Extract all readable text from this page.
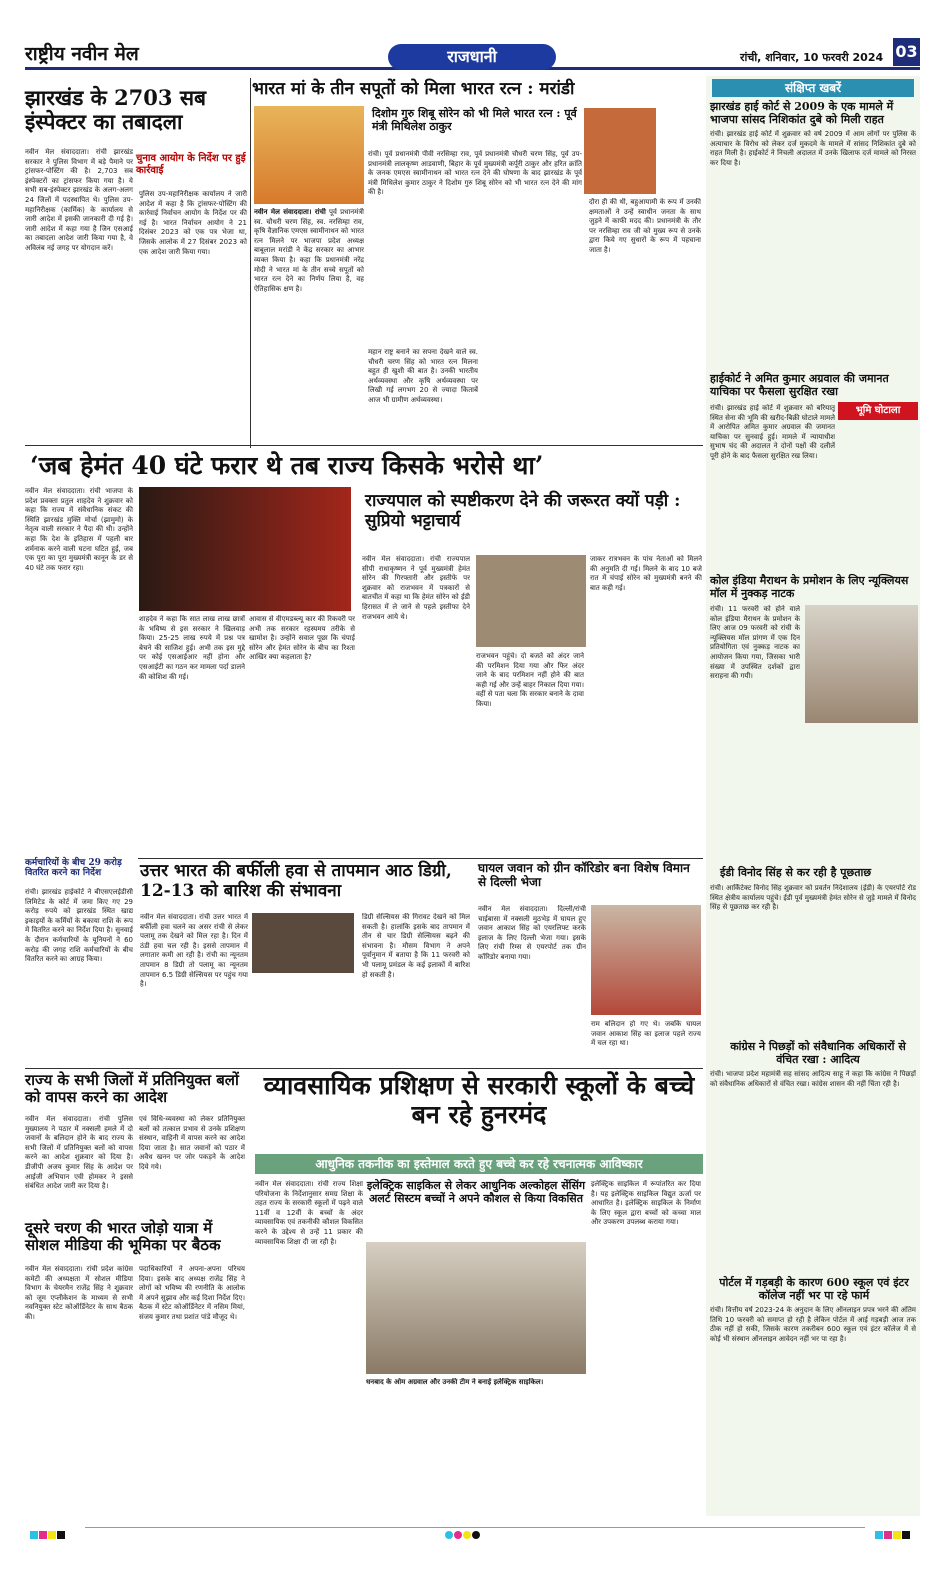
राष्ट्रीय नवीन मेल	राजधानी	रांची, शनिवार, 10 फरवरी 2024 03
झारखंड के 2703 सब इंस्पेक्टर का तबादला
चुनाव आयोग के निर्देश पर हुई कार्रवाई
नवीन मेल संवाददाता। रांची झारखंड सरकार ने पुलिस विभाग में बड़े पैमाने पर ट्रांसफर-पोस्टिंग की है। 2,703 सब इंस्पेक्टरों का ट्रांसफर किया गया है। ये सभी सब-इंस्पेक्टर झारखंड के अलग-अलग 24 जिलों में पदस्थापित थे। पुलिस उप-महानिरीक्षक (कार्मिक) के कार्यालय से जारी आदेश में इसकी जानकारी दी गई है। जारी आदेश में कहा गया है जिन एसआई का तबादला आदेश जारी किया गया है, वे अविलंब नई जगह पर योगदान करें।
पुलिस उप-महानिरीक्षक कार्यालय ने जारी आदेश में कहा है कि ट्रांसफर-पोस्टिंग की कार्रवाई निर्वाचन आयोग के निर्देश पर की गई है। भारत निर्वाचन आयोग ने 21 दिसंबर 2023 को एक पत्र भेजा था, जिसके आलोक में 27 दिसंबर 2023 को एक आदेश जारी किया गया।
भारत मां के तीन सपूतों को मिला भारत रत्न : मरांडी
नवीन मेल संवाददाता। रांची पूर्व प्रधानमंत्री स्व. चौधरी चरण सिंह, स्व. नरसिम्हा राव, कृषि वैज्ञानिक एमएस स्वामीनाथन को भारत रत्न मिलने पर भाजपा प्रदेश अध्यक्ष बाबूलाल मरांडी ने केंद्र सरकार का आभार व्यक्त किया है। कहा कि प्रधानमंत्री नरेंद्र मोदी ने भारत मां के तीन सच्चे सपूतों को भारत रत्न देने का निर्णय लिया है, वह ऐतिहासिक क्षण है।
महान राष्ट्र बनाने का सपना देखने वाले स्व. चौधरी चरण सिंह को भारत रत्न मिलना बहुत ही खुशी की बात है। उनकी भारतीय अर्थव्यवस्था और कृषि अर्थव्यवस्था पर लिखी गई लगभग 20 से ज्यादा किताबें आज भी ग्रामीण अर्थव्यवस्था।
दिशोम गुरु शिबू सोरेन को भी मिले भारत रत्न : पूर्व मंत्री मिथिलेश ठाकुर
रांची। पूर्व प्रधानमंत्री पीवी नरसिम्हा राव, पूर्व प्रधानमंत्री चौधरी चरण सिंह, पूर्व उप-प्रधानमंत्री लालकृष्ण आडवाणी, बिहार के पूर्व मुख्यमंत्री कर्पूरी ठाकुर और हरित क्रांति के जनक एमएस स्वामीनाथन को भारत रत्न देने की घोषणा के बाद झारखंड के पूर्व मंत्री मिथिलेश कुमार ठाकुर ने दिशोम गुरु शिबू सोरेन को भी भारत रत्न देने की मांग की है।
दौरा ही की थी, बहुआयामी के रूप में उनकी क्षमताओं ने उन्हें स्वाधीन जनता के साथ जुड़ने में काफी मदद की। प्रधानमंत्री के तौर पर नरसिम्हा राव जी को मुख्य रूप से उनके द्वारा किये गए सुधारों के रूप में पहचाना जाता है।
‘जब हेमंत 40 घंटे फरार थे तब राज्य किसके भरोसे था’
नवीन मेल संवाददाता। रांची भाजपा के प्रदेश प्रवक्ता प्रतुल शाहदेव ने शुक्रवार को कहा कि राज्य में संवैधानिक संकट की स्थिति झारखंड मुक्ति मोर्चा (झामुमो) के नेतृत्व वाली सरकार ने पैदा की थी। उन्होंने कहा कि देश के इतिहास में पहली बार शर्मनाक करने वाली घटना घटित हुई, जब एक पूरा का पूरा मुख्यमंत्री कानून के डर से 40 घंटे तक फरार रहा।
शाहदेव ने कहा कि सात लाख लाख छात्रों के भविष्य से इस सरकार ने खिलवाड़ किया। 25-25 लाख रुपये में प्रश्न पत्र बेचने की साजिश हुई। अभी तक इस मुद्दे पर कोई एसआईआर नहीं होना और एसआईटी का गठन कर मामला पर्दा डालने की कोशिश की गई।
आवास से वीएमडब्ल्यू कार की रिकवरी पर अभी तक सरकार रहस्यमय तरीके से खामोश है। उन्होंने सवाल पूछा कि चंपाई सोरेन और हेमंत सोरेन के बीच का रिश्ता आखिर क्या कहलाता है?
राज्यपाल को स्पष्टीकरण देने की जरूरत क्यों पड़ी : सुप्रियो भट्टाचार्य
नवीन मेल संवाददाता। रांची राज्यपाल सीपी राधाकृष्णन ने पूर्व मुख्यमंत्री हेमंत सोरेन की गिरफ्तारी और इस्तीफे पर शुक्रवार को राजभवन में पत्रकारों से बातचीत में कहा था कि हेमंत सोरेन को ईडी हिरासत में ले जाने से पहले इस्तीफा देने राजभवन आये थे।
राजभवन पहुंचे। दो बजते को अंदर जाने की परमिशन दिया गया और फिर अंदर जाने के बाद परमिशन नहीं होने की बात कही गई और उन्हें बाहर निकाल दिया गया। वहीं से पता चला कि सरकार बनाने के दावा किया।
जाकर रात्रभवन के पांच नेताओं को मिलने की अनुमति दी गई। मिलने के बाद 10 बजे रात में चंपाई सोरेन को मुख्यमंत्री बनने की बात कही गई।
उत्तर भारत की बर्फीली हवा से तापमान आठ डिग्री, 12-13 को बारिश की संभावना
नवीन मेल संवाददाता। रांची उत्तर भारत में बर्फीली हवा चलने का असर रांची से लेकर पलामू तक देखने को मिल रहा है। दिन में ठंडी हवा चल रही है। इससे तापमान में लगातार कमी आ रही है। रांची का न्यूनतम तापमान 8 डिग्री तो पलामू का न्यूनतम तापमान 6.5 डिग्री सेल्सियस पर पहुंच गया है।
डिग्री सेल्सियस की गिरावट देखने को मिल सकती है। हालांकि इसके बाद तापमान में तीन से चार डिग्री सेल्सियस बढ़ने की संभावना है। मौसम विभाग ने अपने पूर्वानुमान में बताया है कि 11 फरवरी को भी पलामू प्रमंडल के कई इलाकों में बारिश हो सकती है।
घायल जवान को ग्रीन कॉरिडोर बना विशेष विमान से दिल्ली भेजा
नवीन मेल संवाददाता। दिल्ली/रांची चाईबासा में नक्सली मुठभेड़ में घायल हुए जवान आकाश सिंह को एयरलिफ्ट करके इलाज के लिए दिल्ली भेजा गया। इसके लिए रांची रिम्स से एयरपोर्ट तक ग्रीन कॉरिडोर बनाया गया।
राम बलिदान हो गए थे। जबकि घायल जवान आकाश सिंह का इलाज पहले राज्य में चल रहा था।
कर्मचारियों के बीच 29 करोड़ वितरित करने का निर्देश
रांची। झारखंड हाईकोर्ट ने बीएसएलईडीसी लिमिटेड के कोर्ट में जमा किए गए 29 करोड़ रुपये को झारखंड स्थित खाद्य इकाइयों के कर्मियों के बकाया राशि के रूप में वितरित करने का निर्देश दिया है। सुनवाई के दौरान कर्मचारियों के यूनियनों ने 60 करोड़ की जगह राशि कर्मचारियों के बीच वितरित करने का आग्रह किया।
राज्य के सभी जिलों में प्रतिनियुक्त बलों को वापस करने का आदेश
नवीन मेल संवाददाता। रांची पुलिस मुख्यालय ने पठार में नक्सली हमले में दो जवानों के बलिदान होने के बाद राज्य के सभी जिलों में प्रतिनियुक्त बलों को वापस करने का आदेश शुक्रवार को दिया है। डीजीपी अजय कुमार सिंह के आदेश पर आईजी अभियान एवी होमकर ने इससे संबंधित आदेश जारी कर दिया है।
एवं विधि-व्यवस्था को लेकर प्रतिनियुक्त बलों को तत्काल प्रभाव से उनके प्रशिक्षण संस्थान, वाहिनी में वापस करने का आदेश दिया जाता है। सात जवानों को पठार में अवैध खनन पर जोर पकड़ने के आदेश दिये गये।
दूसरे चरण की भारत जोड़ो यात्रा में सोशल मीडिया की भूमिका पर बैठक
नवीन मेल संवाददाता। रांची प्रदेश कांग्रेस कमेटी की अध्यक्षता में सोशल मीडिया विभाग के चेयरमैन राजेंद्र सिंह ने शुक्रवार को जूम एप्लीकेशन के माध्यम से सभी नवनियुक्त स्टेट कोऑर्डिनेटर के साथ बैठक की।
पदाधिकारियों ने अपना-अपना परिचय दिया। इसके बाद अध्यक्ष राजेंद्र सिंह ने लोगों को भविष्य की रणनीति के आलोक में अपने सुझाव और कई दिशा निर्देश दिए। बैठक में स्टेट कोऑर्डिनेटर में नसिम मियां, संजय कुमार तथा प्रशांत पांडे मौजूद थे।
व्यावसायिक प्रशिक्षण से सरकारी स्कूलों के बच्चे बन रहे हुनरमंद
आधुनिक तकनीक का इस्तेमाल करते हुए बच्चे कर रहे रचनात्मक आविष्कार
नवीन मेल संवाददाता। रांची राज्य शिक्षा परियोजना के निर्देशानुसार समग्र शिक्षा के तहत राज्य के सरकारी स्कूलों में पढ़ने वाले 11वीं व 12वीं के बच्चों के अंदर व्यावसायिक एवं तकनीकी कौशल विकसित करने के उद्देश्य से उन्हें 11 प्रकार की व्यावसायिक शिक्षा दी जा रही है।
इलेक्ट्रिक साइकिल से लेकर आधुनिक अल्कोहल सेंसिंग अलर्ट सिस्टम बच्चों ने अपने कौशल से किया विकसित
धनबाद के ओम अग्रवाल और उनकी टीम ने बनाई इलेक्ट्रिक साइकिल।
इलेक्ट्रिक साइकिल में रूपांतरित कर दिया है। यह इलेक्ट्रिक साइकिल विद्युत ऊर्जा पर आधारित है। इलेक्ट्रिक साइकिल के निर्माण के लिए स्कूल द्वारा बच्चों को कच्चा माल और उपकरण उपलब्ध कराया गया।
संक्षिप्त खबरें
झारखंड हाई कोर्ट से 2009 के एक मामले में भाजपा सांसद निशिकांत दुबे को मिली राहत
रांची। झारखंड हाई कोर्ट में शुक्रवार को वर्ष 2009 में आम लोगों पर पुलिस के अत्याचार के विरोध को लेकर दर्ज मुकदमे के मामले में सांसद निशिकांत दुबे को राहत मिली है। हाईकोर्ट ने निचली अदालत में उनके खिलाफ दर्ज मामले को निरस्त कर दिया है।
हाईकोर्ट ने अमित कुमार अग्रवाल की जमानत याचिका पर फैसला सुरक्षित रखा
भूमि घोटाला
रांची। झारखंड हाई कोर्ट में शुक्रवार को बरियातू स्थित सेना की भूमि की खरीद-बिक्री घोटाले मामले में आरोपित अमित कुमार अग्रवाल की जमानत याचिका पर सुनवाई हुई। मामले में न्यायाधीश सुभाष चंद की अदालत ने दोनों पक्षों की दलीलें पूरी होने के बाद फैसला सुरक्षित रख लिया।
कोल इंडिया मैराथन के प्रमोशन के लिए न्यूक्लियस मॉल में नुक्कड़ नाटक
रांची। 11 फरवरी को होने वाले कोल इंडिया मैराथन के प्रमोशन के लिए आज 09 फरवरी को रांची के न्यूक्लियस मॉल प्रांगण में एक दिन प्रतियोगिता एवं नुक्कड़ नाटक का आयोजन किया गया, जिसका भारी संख्या में उपस्थित दर्शकों द्वारा सराहना की गयी।
ईडी विनोद सिंह से कर रही है पूछताछ
रांची। आर्किटेक्ट विनोद सिंह शुक्रवार को प्रवर्तन निदेशालय (ईडी) के एयरपोर्ट रोड स्थित क्षेत्रीय कार्यालय पहुंचे। ईडी पूर्व मुख्यमंत्री हेमंत सोरेन से जुड़े मामले में विनोद सिंह से पूछताछ कर रही है।
कांग्रेस ने पिछड़ों को संवैधानिक अधिकारों से वंचित रखा : आदित्य
रांची। भाजपा प्रदेश महामंत्री सह सांसद आदित्य साहू ने कहा कि कांग्रेस ने पिछड़ों को संवैधानिक अधिकारों से वंचित रखा। कांग्रेस शासन की नहीं चिंता रही है।
पोर्टल में गड़बड़ी के कारण 600 स्कूल एवं इंटर कॉलेज नहीं भर पा रहे फार्म
रांची। वित्तीय वर्ष 2023-24 के अनुदान के लिए ऑनलाइन प्रपत्र भरने की अंतिम तिथि 10 फरवरी को समाप्त हो रही है लेकिन पोर्टल में आई गड़बड़ी आज तक ठीक नहीं हो सकी, जिसके कारण तकरीबन 600 स्कूल एवं इंटर कॉलेज में से कोई भी संस्थान ऑनलाइन आवेदन नहीं भर पा रहा है।
